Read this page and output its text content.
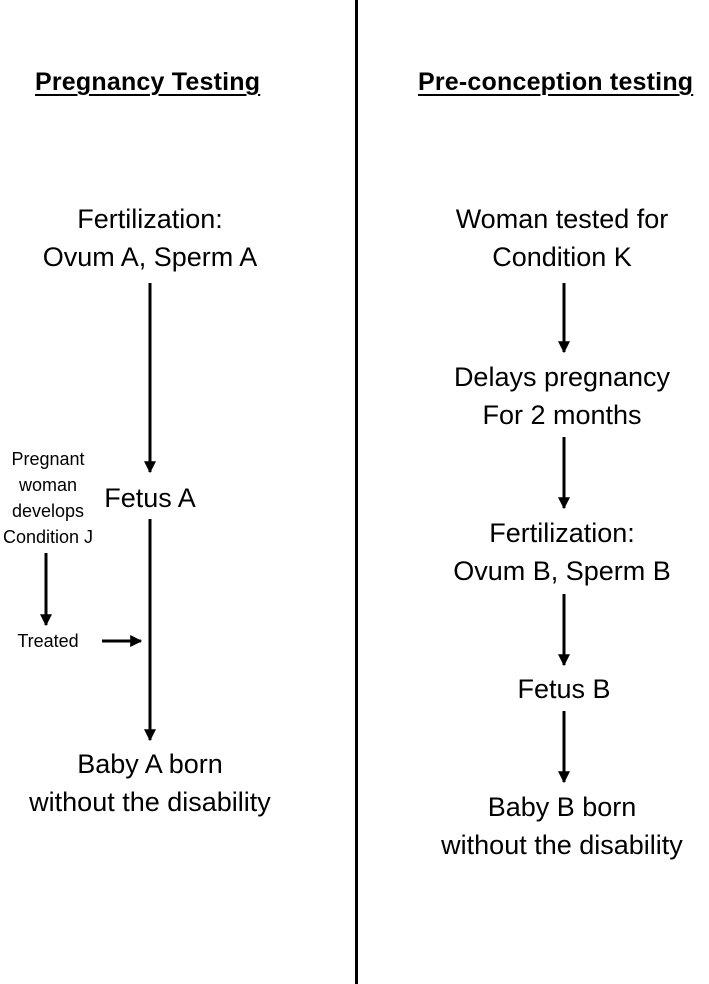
Pregnancy Testing
Fertilization:
Ovum A, Sperm A
Fetus A
Pregnant
woman
develops
Condition J
Treated
Baby A born
without the disability
Pre-conception testing
Woman tested for
Condition K
Delays pregnancy
For 2 months
Fertilization:
Ovum B, Sperm B
Fetus B
Baby B born
without the disability
